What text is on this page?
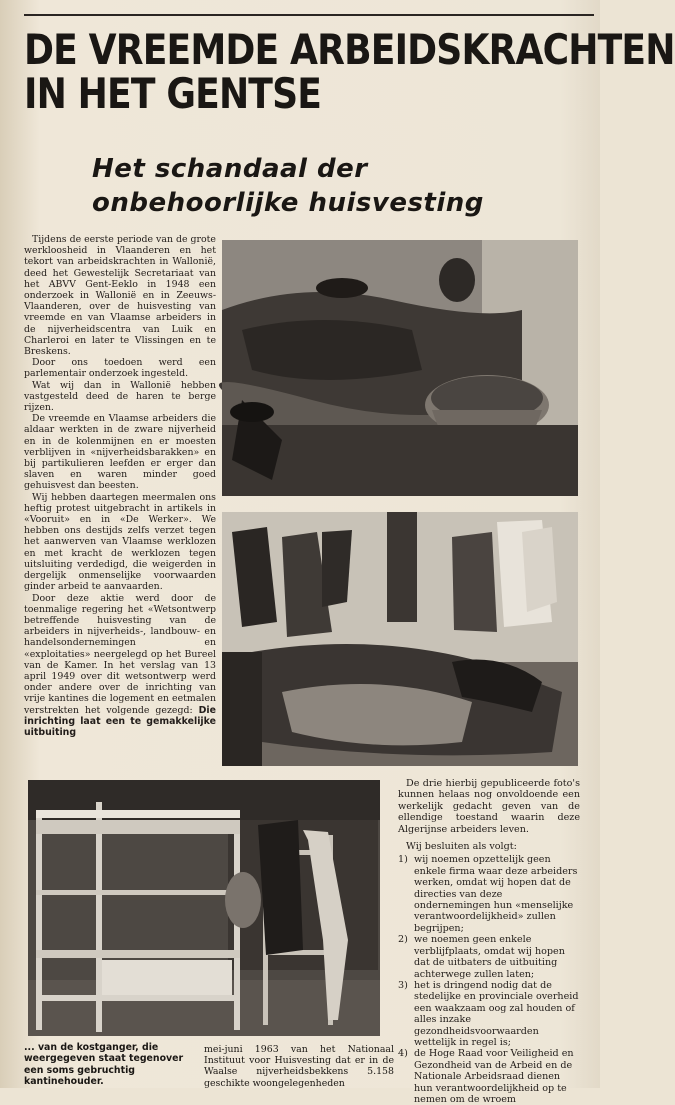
DE VREEMDE ARBEIDSKRACHTEN
IN HET GENTSE
Het schandaal der
onbehoorlijke huisvesting

Tijdens de eerste periode van de grote werkloosheid in Vlaanderen en het tekort van arbeidskrachten in Wallonië, deed het Gewestelijk Secretariaat van het ABVV Gent-Eeklo in 1948 een onderzoek in Wallonië en in Zeeuws-Vlaanderen, over de huisvesting van vreemde en van Vlaamse arbeiders in de nijverheidscentra van Luik en Charleroi en later te Vlissingen en te Breskens.

Door ons toedoen werd een parlementair onderzoek ingesteld.

Wat wij dan in Wallonië hebben vastgesteld deed de haren te berge rijzen.

De vreemde en Vlaamse arbeiders die aldaar werkten in de zware nijverheid en in de kolenmijnen en er moesten verblijven in «nijverheidsbarakken» en bij partikulieren leefden er erger dan slaven en waren minder goed gehuisvest dan beesten.

Wij hebben daartegen meermalen ons heftig protest uitgebracht in artikels in «Vooruit» en in «De Werker». We hebben ons destijds zelfs verzet tegen het aanwerven van Vlaamse werklozen en met kracht de werklozen tegen uitsluiting verdedigd, die weigerden in dergelijk onmenselijke voorwaarden ginder arbeid te aanvaarden.

Door deze aktie werd door de toenmalige regering het «Wetsontwerp betreffende huisvesting van de arbeiders in nijverheids-, landbouw- en handelsondernemingen en «exploitaties» neergelegd op het Bureel van de Kamer. In het verslag van 13 april 1949 over dit wetsontwerp werd onder andere over de inrichting van vrije kantines die logement en eetmalen verstrekten het volgende gezegd: Die inrichting laat een te gemakkelijke uitbuiting

... van de kostganger, die weergegeven staat tegenover een soms gebruchtig kantinehouder.
mei-juni 1963 van het Nationaal Instituut voor Huisvesting dat er in de Waalse nijverheidsbekkens 5.158 geschikte woongelegenheden

De drie hierbij gepubliceerde foto's kunnen helaas nog onvoldoende een werkelijk gedacht geven van de ellendige toestand waarin deze Algerijnse arbeiders leven.

Wij besluiten als volgt:

1) wij noemen opzettelijk geen enkele firma waar deze arbeiders werken, omdat wij hopen dat de directies van deze ondernemingen hun «menselijke verantwoordelijkheid» zullen begrijpen;
2) we noemen geen enkele verblijfplaats, omdat wij hopen dat de uitbaters de uitbuiting achterwege zullen laten;
3) het is dringend nodig dat de stedelijke en provinciale overheid een waakzaam oog zal houden of alles inzake gezondheidsvoorwaarden wettelijk in regel is;
4) de Hoge Raad voor Veiligheid en Gezondheid van de Arbeid en de Nationale Arbeidsraad dienen hun verantwoordelijkheid op te nemen om de wroem
